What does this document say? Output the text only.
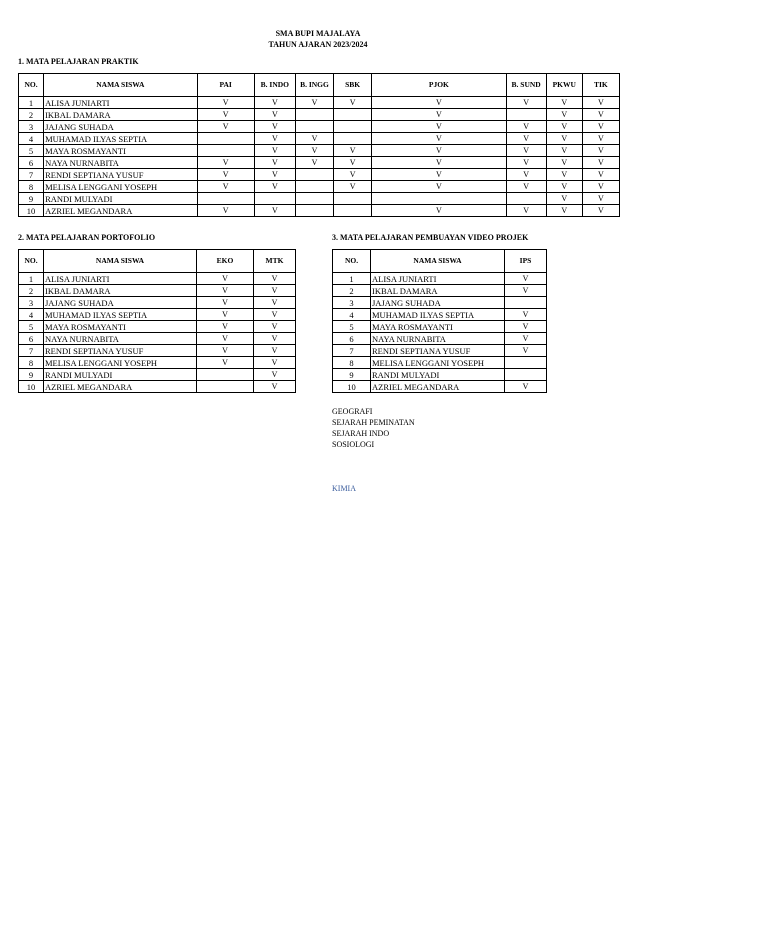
SMA BUPI MAJALAYA
TAHUN AJARAN 2023/2024
1. MATA PELAJARAN PRAKTIK
NO.	NAMA SISWA	PAI	B. INDO	B. INGG	SBK	PJOK	B. SUND	PKWU	TIK
1	ALISA JUNIARTI	V	V	V	V	V	V	V	V
2	IKBAL DAMARA	V	V			V		V	V
3	JAJANG SUHADA	V	V			V	V	V	V
4	MUHAMAD ILYAS SEPTIA		V	V		V	V	V	V
5	MAYA ROSMAYANTI		V	V	V	V	V	V	V
6	NAYA NURNABITA	V	V	V	V	V	V	V	V
7	RENDI SEPTIANA YUSUF	V	V		V	V	V	V	V
8	MELISA LENGGANI YOSEPH	V	V		V	V	V	V	V
9	RANDI MULYADI							V	V
10	AZRIEL MEGANDARA	V	V			V	V	V	V
2. MATA PELAJARAN PORTOFOLIO
NO.	NAMA SISWA	EKO	MTK
1	ALISA JUNIARTI	V	V
2	IKBAL DAMARA	V	V
3	JAJANG SUHADA	V	V
4	MUHAMAD ILYAS SEPTIA	V	V
5	MAYA ROSMAYANTI	V	V
6	NAYA NURNABITA	V	V
7	RENDI SEPTIANA YUSUF	V	V
8	MELISA LENGGANI YOSEPH	V	V
9	RANDI MULYADI		V
10	AZRIEL MEGANDARA		V
3. MATA PELAJARAN PEMBUAYAN VIDEO PROJEK
NO.	NAMA SISWA	IPS
1	ALISA JUNIARTI	V
2	IKBAL DAMARA	V
3	JAJANG SUHADA	
4	MUHAMAD ILYAS SEPTIA	V
5	MAYA ROSMAYANTI	V
6	NAYA NURNABITA	V
7	RENDI SEPTIANA YUSUF	V
8	MELISA LENGGANI YOSEPH	
9	RANDI MULYADI	
10	AZRIEL MEGANDARA	V
GEOGRAFI
SEJARAH PEMINATAN
SEJARAH INDO
SOSIOLOGI
KIMIA
